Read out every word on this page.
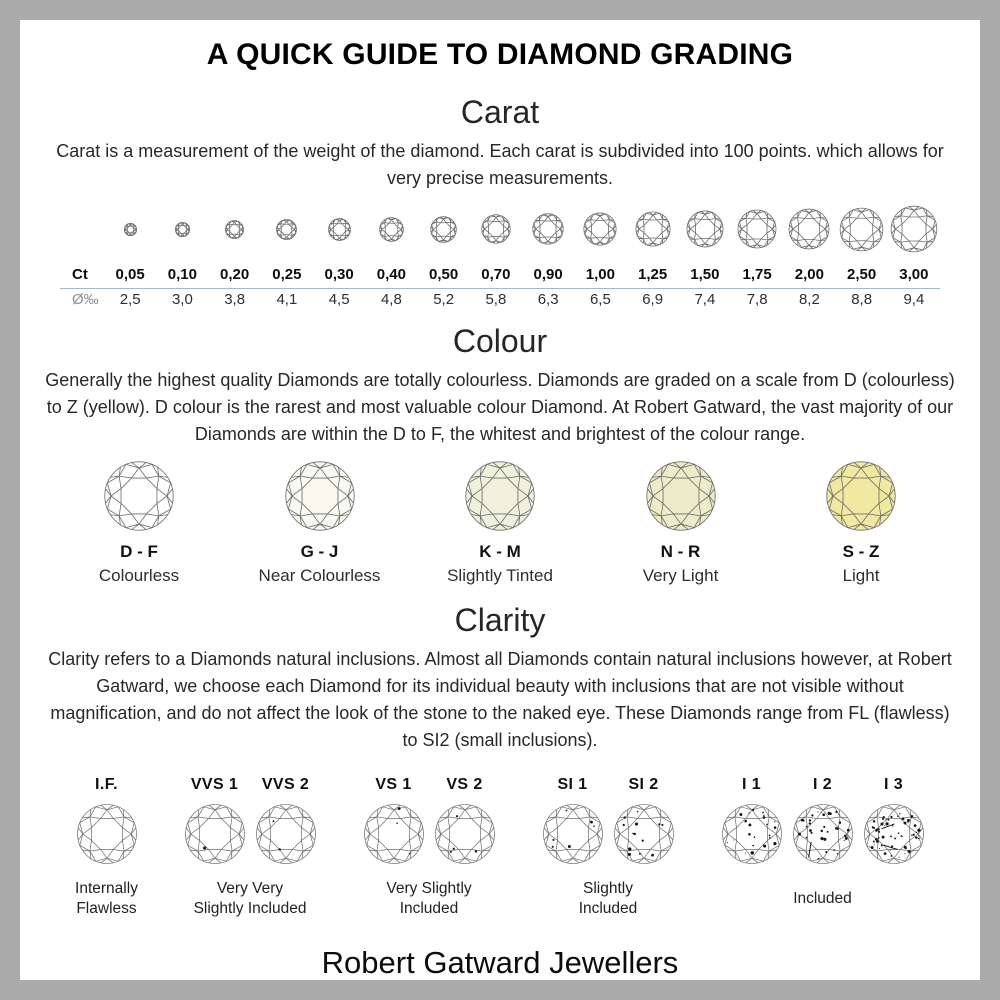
A QUICK GUIDE TO DIAMOND GRADING
Carat

Carat is a measurement of the weight of the diamond. Each carat is subdivided into 100 points. which allows for very precise measurements.

Ct	0,05	0,10	0,20	0,25	0,30	0,40	0,50	0,70	0,90	1,00	1,25	1,50	1,75	2,00	2,50	3,00
Ø‰	2,5	3,0	3,8	4,1	4,5	4,8	5,2	5,8	6,3	6,5	6,9	7,4	7,8	8,2	8,8	9,4
Colour

Generally the highest quality Diamonds are totally colourless. Diamonds are graded on a scale from D (colourless) to Z (yellow). D colour is the rarest and most valuable colour Diamond. At Robert Gatward, the vast majority of our Diamonds are within the D to F, the whitest and brightest of the colour range.

D - F
Colourless
G - J
Near Colourless
K - M
Slightly Tinted
N - R
Very Light
S - Z
Light
Clarity

Clarity refers to a Diamonds natural inclusions. Almost all Diamonds contain natural inclusions however, at Robert Gatward, we choose each Diamond for its individual beauty with inclusions that are not visible without magnification, and do not affect the look of the stone to the naked eye. These Diamonds range from FL (flawless) to SI2 (small inclusions).

I.F.
Internally
Flawless
VVS 1 VVS 2
Very Very
Slightly Included
VS 1 VS 2
Very Slightly
Included
SI 1	SI 2
Slightly
Included
I 1	I 2	I 3
Included
Robert Gatward Jewellers
